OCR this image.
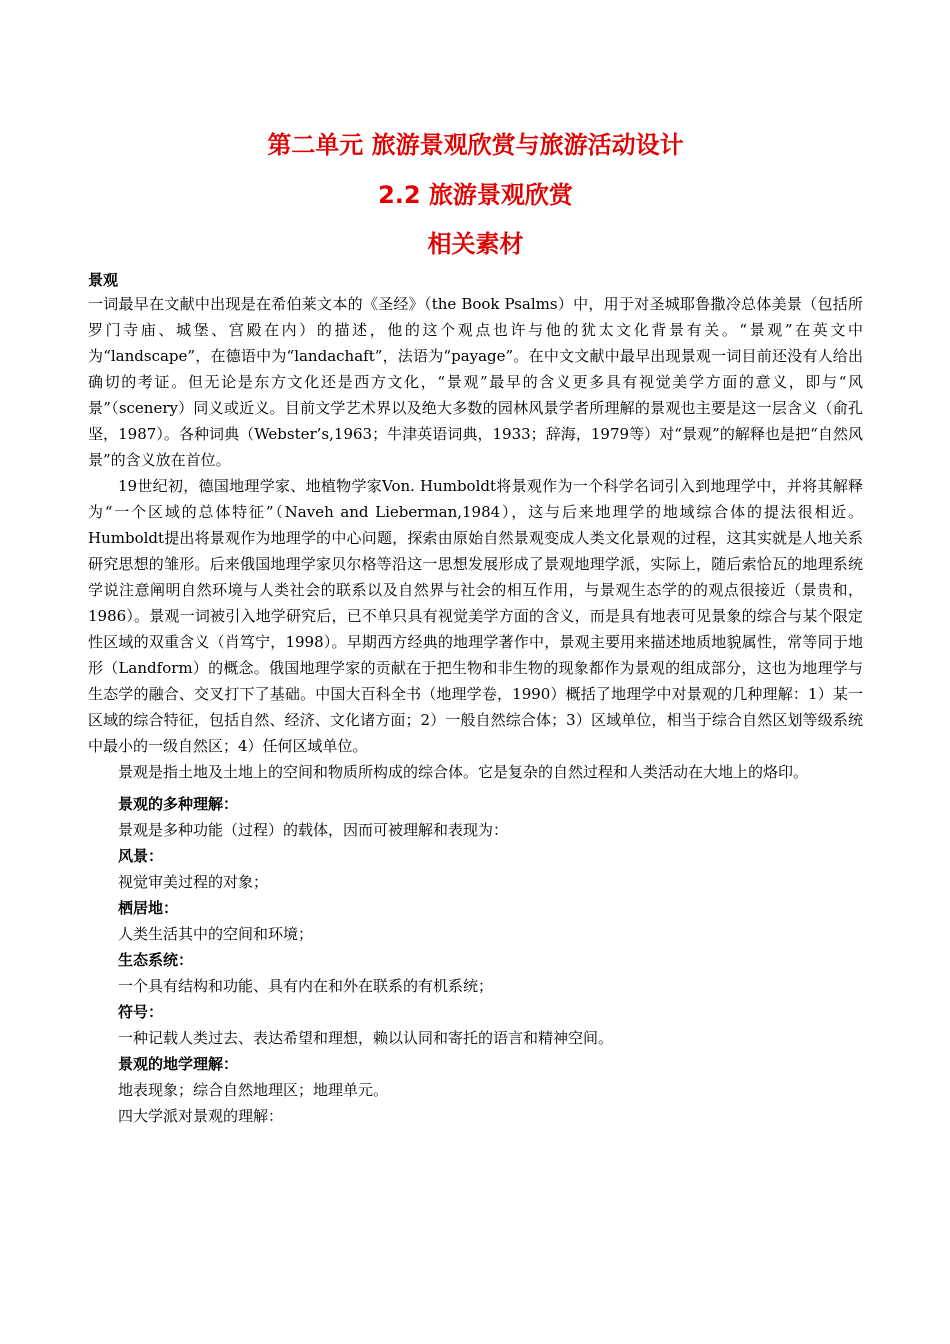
第二单元 旅游景观欣赏与旅游活动设计
2.2 旅游景观欣赏
相关素材

景观

一词最早在文献中出现是在希伯莱文本的《圣经》（the Book Psalms）中，用于对圣城耶鲁撒冷总体美景（包括所罗门寺庙、城堡、宫殿在内）的描述，他的这个观点也许与他的犹太文化背景有关。“景观”在英文中为“landscape”，在德语中为“landachaft”，法语为“payage”。在中文文献中最早出现景观一词目前还没有人给出确切的考证。但无论是东方文化还是西方文化，“景观”最早的含义更多具有视觉美学方面的意义，即与“风景”（scenery）同义或近义。目前文学艺术界以及绝大多数的园林风景学者所理解的景观也主要是这一层含义（俞孔坚，1987）。各种词典（Webster’s,1963；牛津英语词典，1933；辞海，1979等）对“景观”的解释也是把“自然风景”的含义放在首位。

19世纪初，德国地理学家、地植物学家Von. Humboldt将景观作为一个科学名词引入到地理学中，并将其解释为“一个区域的总体特征”（Naveh and Lieberman,1984），这与后来地理学的地域综合体的提法很相近。Humboldt提出将景观作为地理学的中心问题，探索由原始自然景观变成人类文化景观的过程，这其实就是人地关系研究思想的雏形。后来俄国地理学家贝尔格等沿这一思想发展形成了景观地理学派，实际上，随后索恰瓦的地理系统学说注意阐明自然环境与人类社会的联系以及自然界与社会的相互作用，与景观生态学的的观点很接近（景贵和，1986）。景观一词被引入地学研究后，已不单只具有视觉美学方面的含义，而是具有地表可见景象的综合与某个限定性区域的双重含义（肖笃宁，1998）。早期西方经典的地理学著作中，景观主要用来描述地质地貌属性，常等同于地形（Landform）的概念。俄国地理学家的贡献在于把生物和非生物的现象都作为景观的组成部分，这也为地理学与生态学的融合、交叉打下了基础。中国大百科全书（地理学卷，1990）概括了地理学中对景观的几种理解：1）某一区域的综合特征，包括自然、经济、文化诸方面；2）一般自然综合体；3）区域单位，相当于综合自然区划等级系统中最小的一级自然区；4）任何区域单位。

景观是指土地及土地上的空间和物质所构成的综合体。它是复杂的自然过程和人类活动在大地上的烙印。

景观的多种理解：

景观是多种功能（过程）的载体，因而可被理解和表现为：

风景：

视觉审美过程的对象；

栖居地：

人类生活其中的空间和环境；

生态系统：

一个具有结构和功能、具有内在和外在联系的有机系统；

符号：

一种记载人类过去、表达希望和理想，赖以认同和寄托的语言和精神空间。

景观的地学理解：

地表现象；综合自然地理区；地理单元。

四大学派对景观的理解：
